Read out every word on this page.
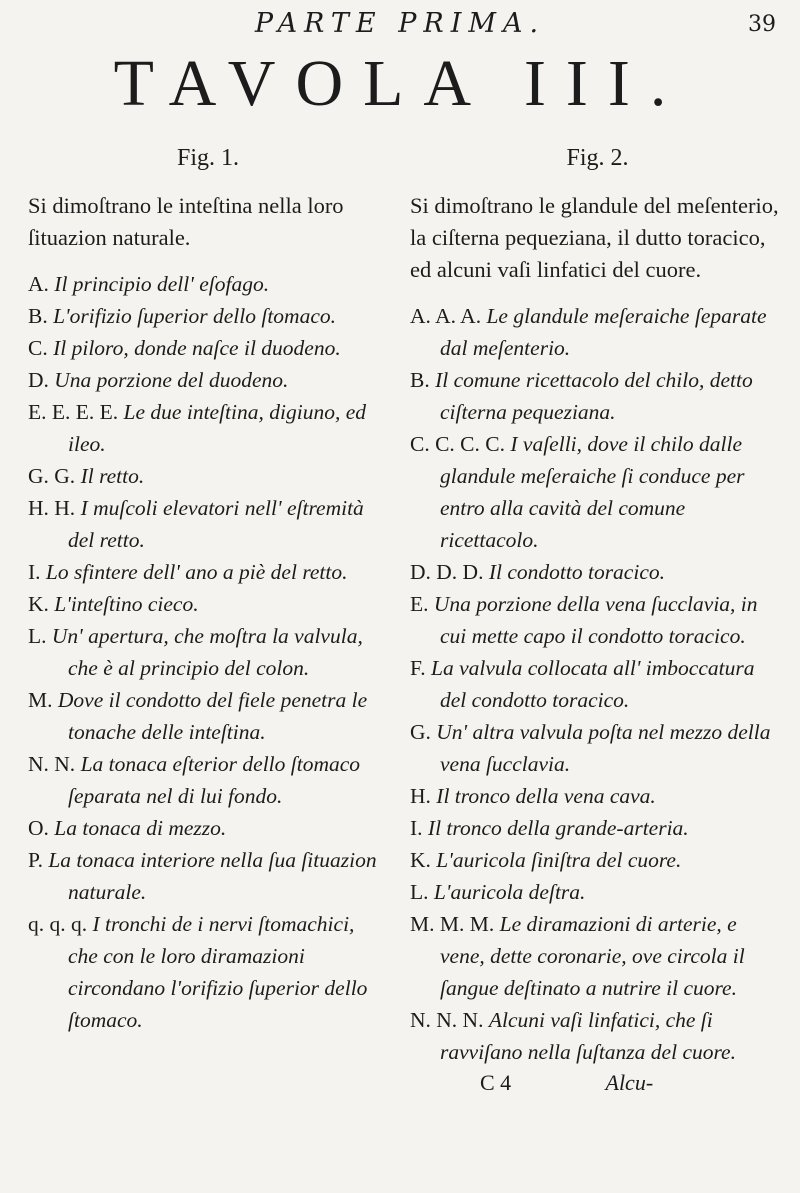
PARTE PRIMA.	39
TAVOLA III.
Fig. 1.

Si dimoſtrano le inteſtina nella loro ſituazion naturale.

A. Il principio dell' eſofago.

B. L'orifizio ſuperior dello ſtomaco.

C. Il piloro, donde naſce il duodeno.

D. Una porzione del duodeno.

E. E. E. E. Le due inteſtina, digiuno, ed ileo.

G. G. Il retto.

H. H. I muſcoli elevatori nell' eſtremità del retto.

I. Lo sfintere dell' ano a piè del retto.

K. L'inteſtino cieco.

L. Un' apertura, che moſtra la valvula, che è al principio del colon.

M. Dove il condotto del fiele penetra le tonache delle inteſtina.

N. N. La tonaca eſterior dello ſtomaco ſeparata nel di lui fondo.

O. La tonaca di mezzo.

P. La tonaca interiore nella ſua ſituazion naturale.

q. q. q. I tronchi de i nervi ſtomachici, che con le loro diramazioni circondano l'orifizio ſuperior dello ſtomaco.

Fig. 2.

Si dimoſtrano le glandule del meſenterio, la ciſterna pequeziana, il dutto toracico, ed alcuni vaſi linfatici del cuore.

A. A. A. Le glandule meſeraiche ſeparate dal meſenterio.

B. Il comune ricettacolo del chilo, detto ciſterna pequeziana.

C. C. C. C. I vaſelli, dove il chilo dalle glandule meſeraiche ſi conduce per entro alla cavità del comune ricettacolo.

D. D. D. Il condotto toracico.

E. Una porzione della vena ſucclavia, in cui mette capo il condotto toracico.

F. La valvula collocata all' imboccatura del condotto toracico.

G. Un' altra valvula poſta nel mezzo della vena ſucclavia.

H. Il tronco della vena cava.

I. Il tronco della grande-arteria.

K. L'auricola ſiniſtra del cuore.

L. L'auricola deſtra.

M. M. M. Le diramazioni di arterie, e vene, dette coronarie, ove circola il ſangue deſtinato a nutrire il cuore.

N. N. N. Alcuni vaſi linfatici, che ſi ravviſano nella ſuſtanza del cuore.

C 4	Alcu-
